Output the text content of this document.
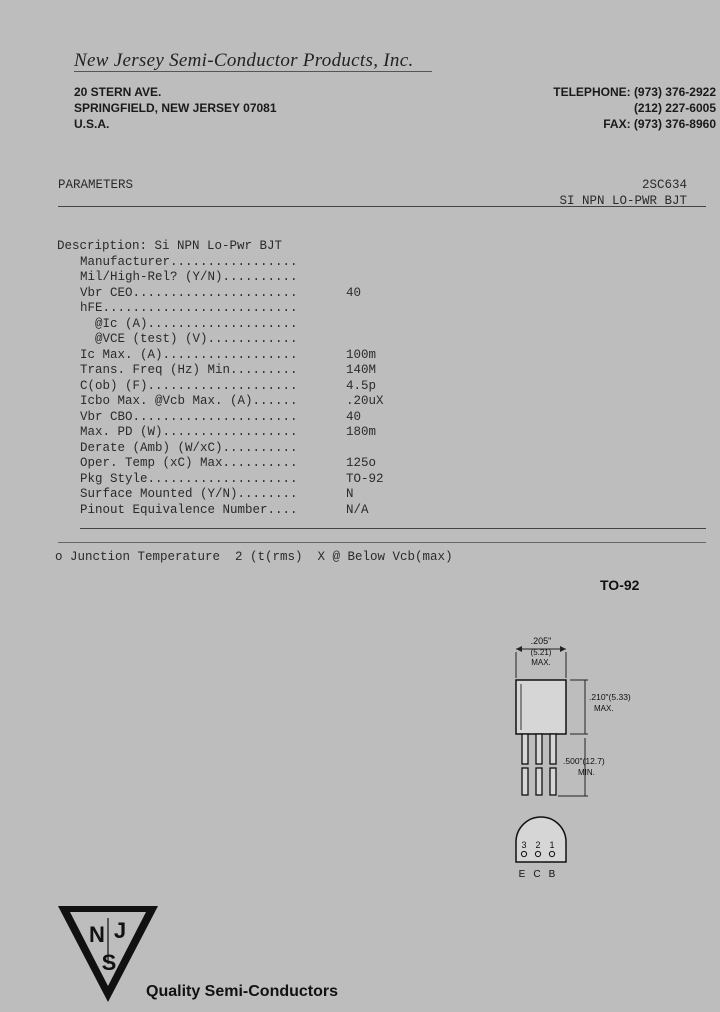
New Jersey Semi-Conductor Products, Inc.
20 STERN AVE.
SPRINGFIELD, NEW JERSEY 07081
U.S.A.
TELEPHONE: (973) 376-2922
(212) 227-6005
FAX: (973) 376-8960
PARAMETERS	2SC634
SI NPN LO-PWR BJT
Description: Si NPN Lo-Pwr BJT
Manufacturer.................
Mil/High-Rel? (Y/N)..........
Vbr CEO......................	40
hFE..........................
@Ic (A)....................
@VCE (test) (V)............
Ic Max. (A)..................	100m
Trans. Freq (Hz) Min.........	140M
C(ob) (F)....................	4.5p
Icbo Max. @Vcb Max. (A)......	.20uX
Vbr CBO......................	40
Max. PD (W)..................	180m
Derate (Amb) (W/xC)..........
Oper. Temp (xC) Max..........	125o
Pkg Style....................	TO-92
Surface Mounted (Y/N)........	N
Pinout Equivalence Number....	N/A
o Junction Temperature  2 (t(rms)  X @ Below Vcb(max)
TO-92
.205"
(5.21)
MAX.
.210"(5.33)
MAX.
.500"(12.7)
MIN.
3 2 1
E C B
N J
S
Quality Semi-Conductors
